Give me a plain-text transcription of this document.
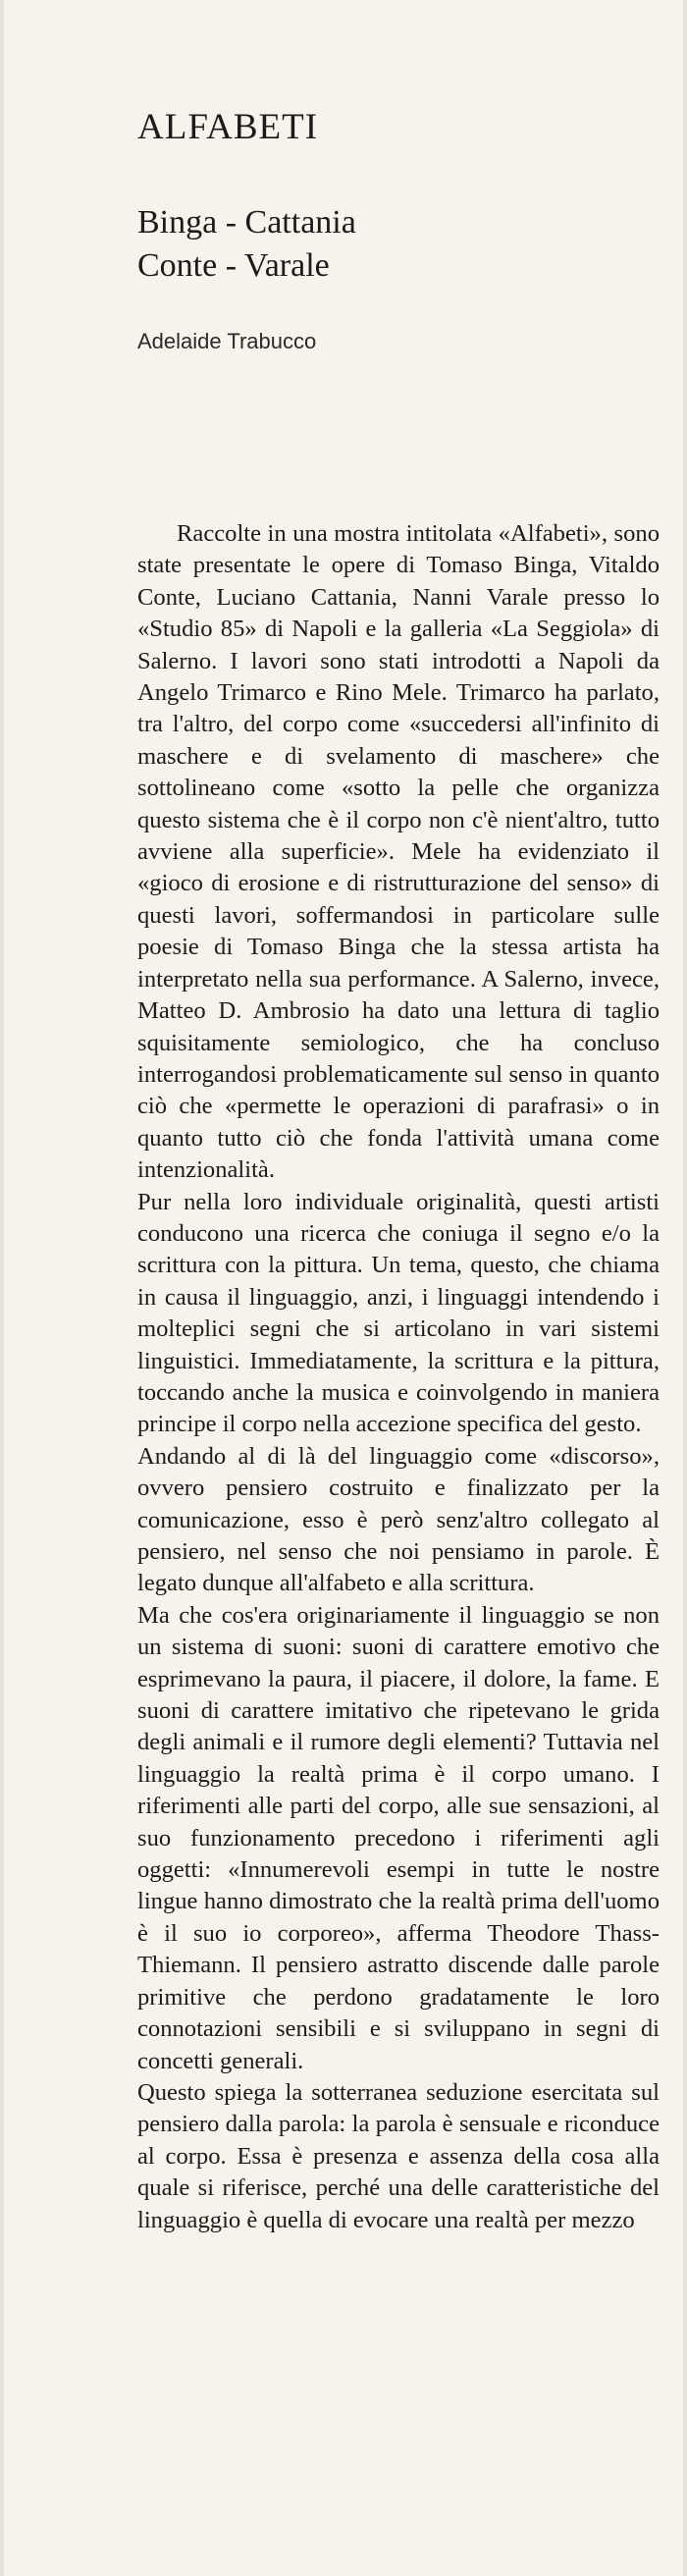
ALFABETI
Binga - Cattania
Conte - Varale
Adelaide Trabucco

Raccolte in una mostra intitolata «Alfabeti», sono state presentate le opere di Tomaso Binga, Vitaldo Conte, Luciano Cattania, Nanni Varale presso lo «Studio 85» di Napoli e la galleria «La Seggiola» di Salerno. I lavori sono stati introdotti a Napoli da Angelo Trimarco e Rino Mele. Trimarco ha parlato, tra l'altro, del corpo come «succedersi all'infinito di maschere e di svelamento di maschere» che sottolineano come «sotto la pelle che organizza questo sistema che è il corpo non c'è nient'altro, tutto avviene alla superficie». Mele ha evidenziato il «gioco di erosione e di ristrutturazione del senso» di questi lavori, soffermandosi in particolare sulle poesie di Tomaso Binga che la stessa artista ha interpretato nella sua performance. A Salerno, invece, Matteo D. Ambrosio ha dato una lettura di taglio squisitamente semiologico, che ha concluso interrogandosi problematicamente sul senso in quanto ciò che «permette le operazioni di parafrasi» o in quanto tutto ciò che fonda l'attività umana come intenzionalità.

Pur nella loro individuale originalità, questi artisti conducono una ricerca che coniuga il segno e/o la scrittura con la pittura. Un tema, questo, che chiama in causa il linguaggio, anzi, i linguaggi intendendo i molteplici segni che si articolano in vari sistemi linguistici. Immediatamente, la scrittura e la pittura, toccando anche la musica e coinvolgendo in maniera principe il corpo nella accezione specifica del gesto.

Andando al di là del linguaggio come «discorso», ovvero pensiero costruito e finalizzato per la comunicazione, esso è però senz'altro collegato al pensiero, nel senso che noi pensiamo in parole. È legato dunque all'alfabeto e alla scrittura.

Ma che cos'era originariamente il linguaggio se non un sistema di suoni: suoni di carattere emotivo che esprimevano la paura, il piacere, il dolore, la fame. E suoni di carattere imitativo che ripetevano le grida degli animali e il rumore degli elementi? Tuttavia nel linguaggio la realtà prima è il corpo umano. I riferimenti alle parti del corpo, alle sue sensazioni, al suo funzionamento precedono i riferimenti agli oggetti: «Innumerevoli esempi in tutte le nostre lingue hanno dimostrato che la realtà prima dell'uomo è il suo io corporeo», afferma Theodore Thass-Thiemann. Il pensiero astratto discende dalle parole primitive che perdono gradatamente le loro connotazioni sensibili e si sviluppano in segni di concetti generali.

Questo spiega la sotterranea seduzione esercitata sul pensiero dalla parola: la parola è sensuale e riconduce al corpo. Essa è presenza e assenza della cosa alla quale si riferisce, perché una delle caratteristiche del linguaggio è quella di evocare una realtà per mezzo
